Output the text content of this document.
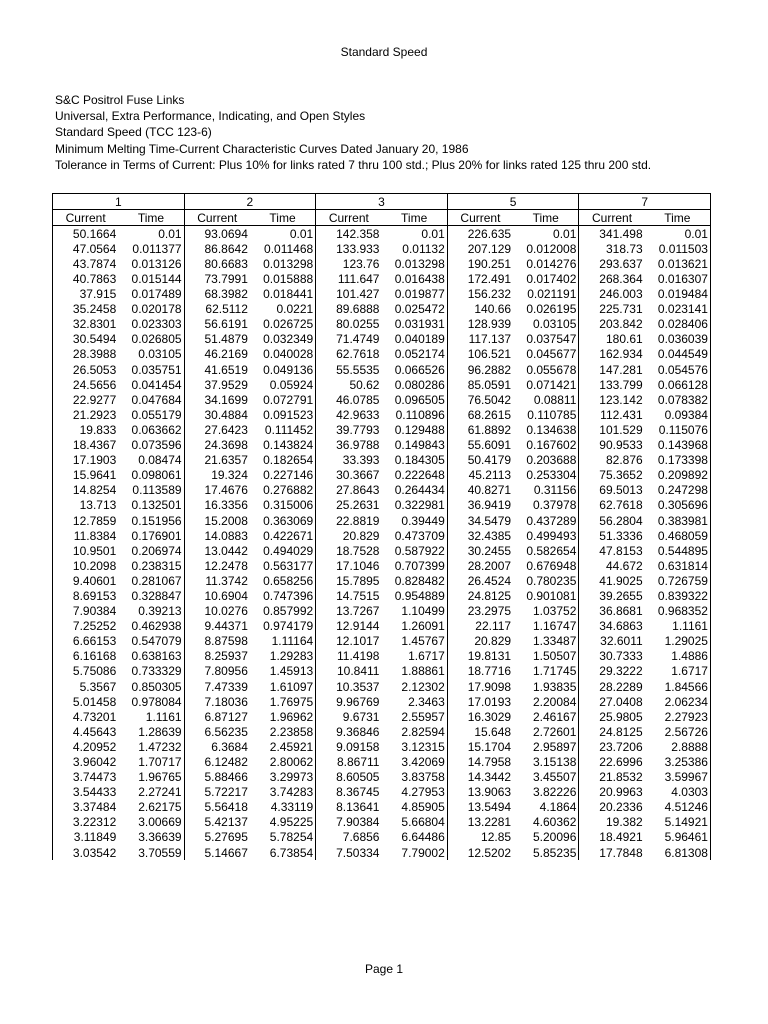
Standard Speed
S&C Positrol Fuse Links
Universal, Extra Performance, Indicating, and Open Styles
Standard Speed (TCC 123-6)
Minimum Melting Time-Current Characteristic Curves Dated January 20, 1986
Tolerance in Terms of Current: Plus 10% for links rated 7 thru 100 std.; Plus 20% for links rated 125 thru 200 std.
1		2		3		5		7	
Current	Time	Current	Time	Current	Time	Current	Time	Current	Time
50.1664	0.01	93.0694	0.01	142.358	0.01	226.635	0.01	341.498	0.01
47.0564	0.011377	86.8642	0.011468	133.933	0.01132	207.129	0.012008	318.73	0.011503
43.7874	0.013126	80.6683	0.013298	123.76	0.013298	190.251	0.014276	293.637	0.013621
40.7863	0.015144	73.7991	0.015888	111.647	0.016438	172.491	0.017402	268.364	0.016307
37.915	0.017489	68.3982	0.018441	101.427	0.019877	156.232	0.021191	246.003	0.019484
35.2458	0.020178	62.5112	0.0221	89.6888	0.025472	140.66	0.026195	225.731	0.023141
32.8301	0.023303	56.6191	0.026725	80.0255	0.031931	128.939	0.03105	203.842	0.028406
30.5494	0.026805	51.4879	0.032349	71.4749	0.040189	117.137	0.037547	180.61	0.036039
28.3988	0.03105	46.2169	0.040028	62.7618	0.052174	106.521	0.045677	162.934	0.044549
26.5053	0.035751	41.6519	0.049136	55.5535	0.066526	96.2882	0.055678	147.281	0.054576
24.5656	0.041454	37.9529	0.05924	50.62	0.080286	85.0591	0.071421	133.799	0.066128
22.9277	0.047684	34.1699	0.072791	46.0785	0.096505	76.5042	0.08811	123.142	0.078382
21.2923	0.055179	30.4884	0.091523	42.9633	0.110896	68.2615	0.110785	112.431	0.09384
19.833	0.063662	27.6423	0.111452	39.7793	0.129488	61.8892	0.134638	101.529	0.115076
18.4367	0.073596	24.3698	0.143824	36.9788	0.149843	55.6091	0.167602	90.9533	0.143968
17.1903	0.08474	21.6357	0.182654	33.393	0.184305	50.4179	0.203688	82.876	0.173398
15.9641	0.098061	19.324	0.227146	30.3667	0.222648	45.2113	0.253304	75.3652	0.209892
14.8254	0.113589	17.4676	0.276882	27.8643	0.264434	40.8271	0.31156	69.5013	0.247298
13.713	0.132501	16.3356	0.315006	25.2631	0.322981	36.9419	0.37978	62.7618	0.305696
12.7859	0.151956	15.2008	0.363069	22.8819	0.39449	34.5479	0.437289	56.2804	0.383981
11.8384	0.176901	14.0883	0.422671	20.829	0.473709	32.4385	0.499493	51.3336	0.468059
10.9501	0.206974	13.0442	0.494029	18.7528	0.587922	30.2455	0.582654	47.8153	0.544895
10.2098	0.238315	12.2478	0.563177	17.1046	0.707399	28.2007	0.676948	44.672	0.631814
9.40601	0.281067	11.3742	0.658256	15.7895	0.828482	26.4524	0.780235	41.9025	0.726759
8.69153	0.328847	10.6904	0.747396	14.7515	0.954889	24.8125	0.901081	39.2655	0.839322
7.90384	0.39213	10.0276	0.857992	13.7267	1.10499	23.2975	1.03752	36.8681	0.968352
7.25252	0.462938	9.44371	0.974179	12.9144	1.26091	22.117	1.16747	34.6863	1.1161
6.66153	0.547079	8.87598	1.11164	12.1017	1.45767	20.829	1.33487	32.6011	1.29025
6.16168	0.638163	8.25937	1.29283	11.4198	1.6717	19.8131	1.50507	30.7333	1.4886
5.75086	0.733329	7.80956	1.45913	10.8411	1.88861	18.7716	1.71745	29.3222	1.6717
5.3567	0.850305	7.47339	1.61097	10.3537	2.12302	17.9098	1.93835	28.2289	1.84566
5.01458	0.978084	7.18036	1.76975	9.96769	2.3463	17.0193	2.20084	27.0408	2.06234
4.73201	1.1161	6.87127	1.96962	9.6731	2.55957	16.3029	2.46167	25.9805	2.27923
4.45643	1.28639	6.56235	2.23858	9.36846	2.82594	15.648	2.72601	24.8125	2.56726
4.20952	1.47232	6.3684	2.45921	9.09158	3.12315	15.1704	2.95897	23.7206	2.8888
3.96042	1.70717	6.12482	2.80062	8.86711	3.42069	14.7958	3.15138	22.6996	3.25386
3.74473	1.96765	5.88466	3.29973	8.60505	3.83758	14.3442	3.45507	21.8532	3.59967
3.54433	2.27241	5.72217	3.74283	8.36745	4.27953	13.9063	3.82226	20.9963	4.0303
3.37484	2.62175	5.56418	4.33119	8.13641	4.85905	13.5494	4.1864	20.2336	4.51246
3.22312	3.00669	5.42137	4.95225	7.90384	5.66804	13.2281	4.60362	19.382	5.14921
3.11849	3.36639	5.27695	5.78254	7.6856	6.64486	12.85	5.20096	18.4921	5.96461
3.03542	3.70559	5.14667	6.73854	7.50334	7.79002	12.5202	5.85235	17.7848	6.81308
Page 1
